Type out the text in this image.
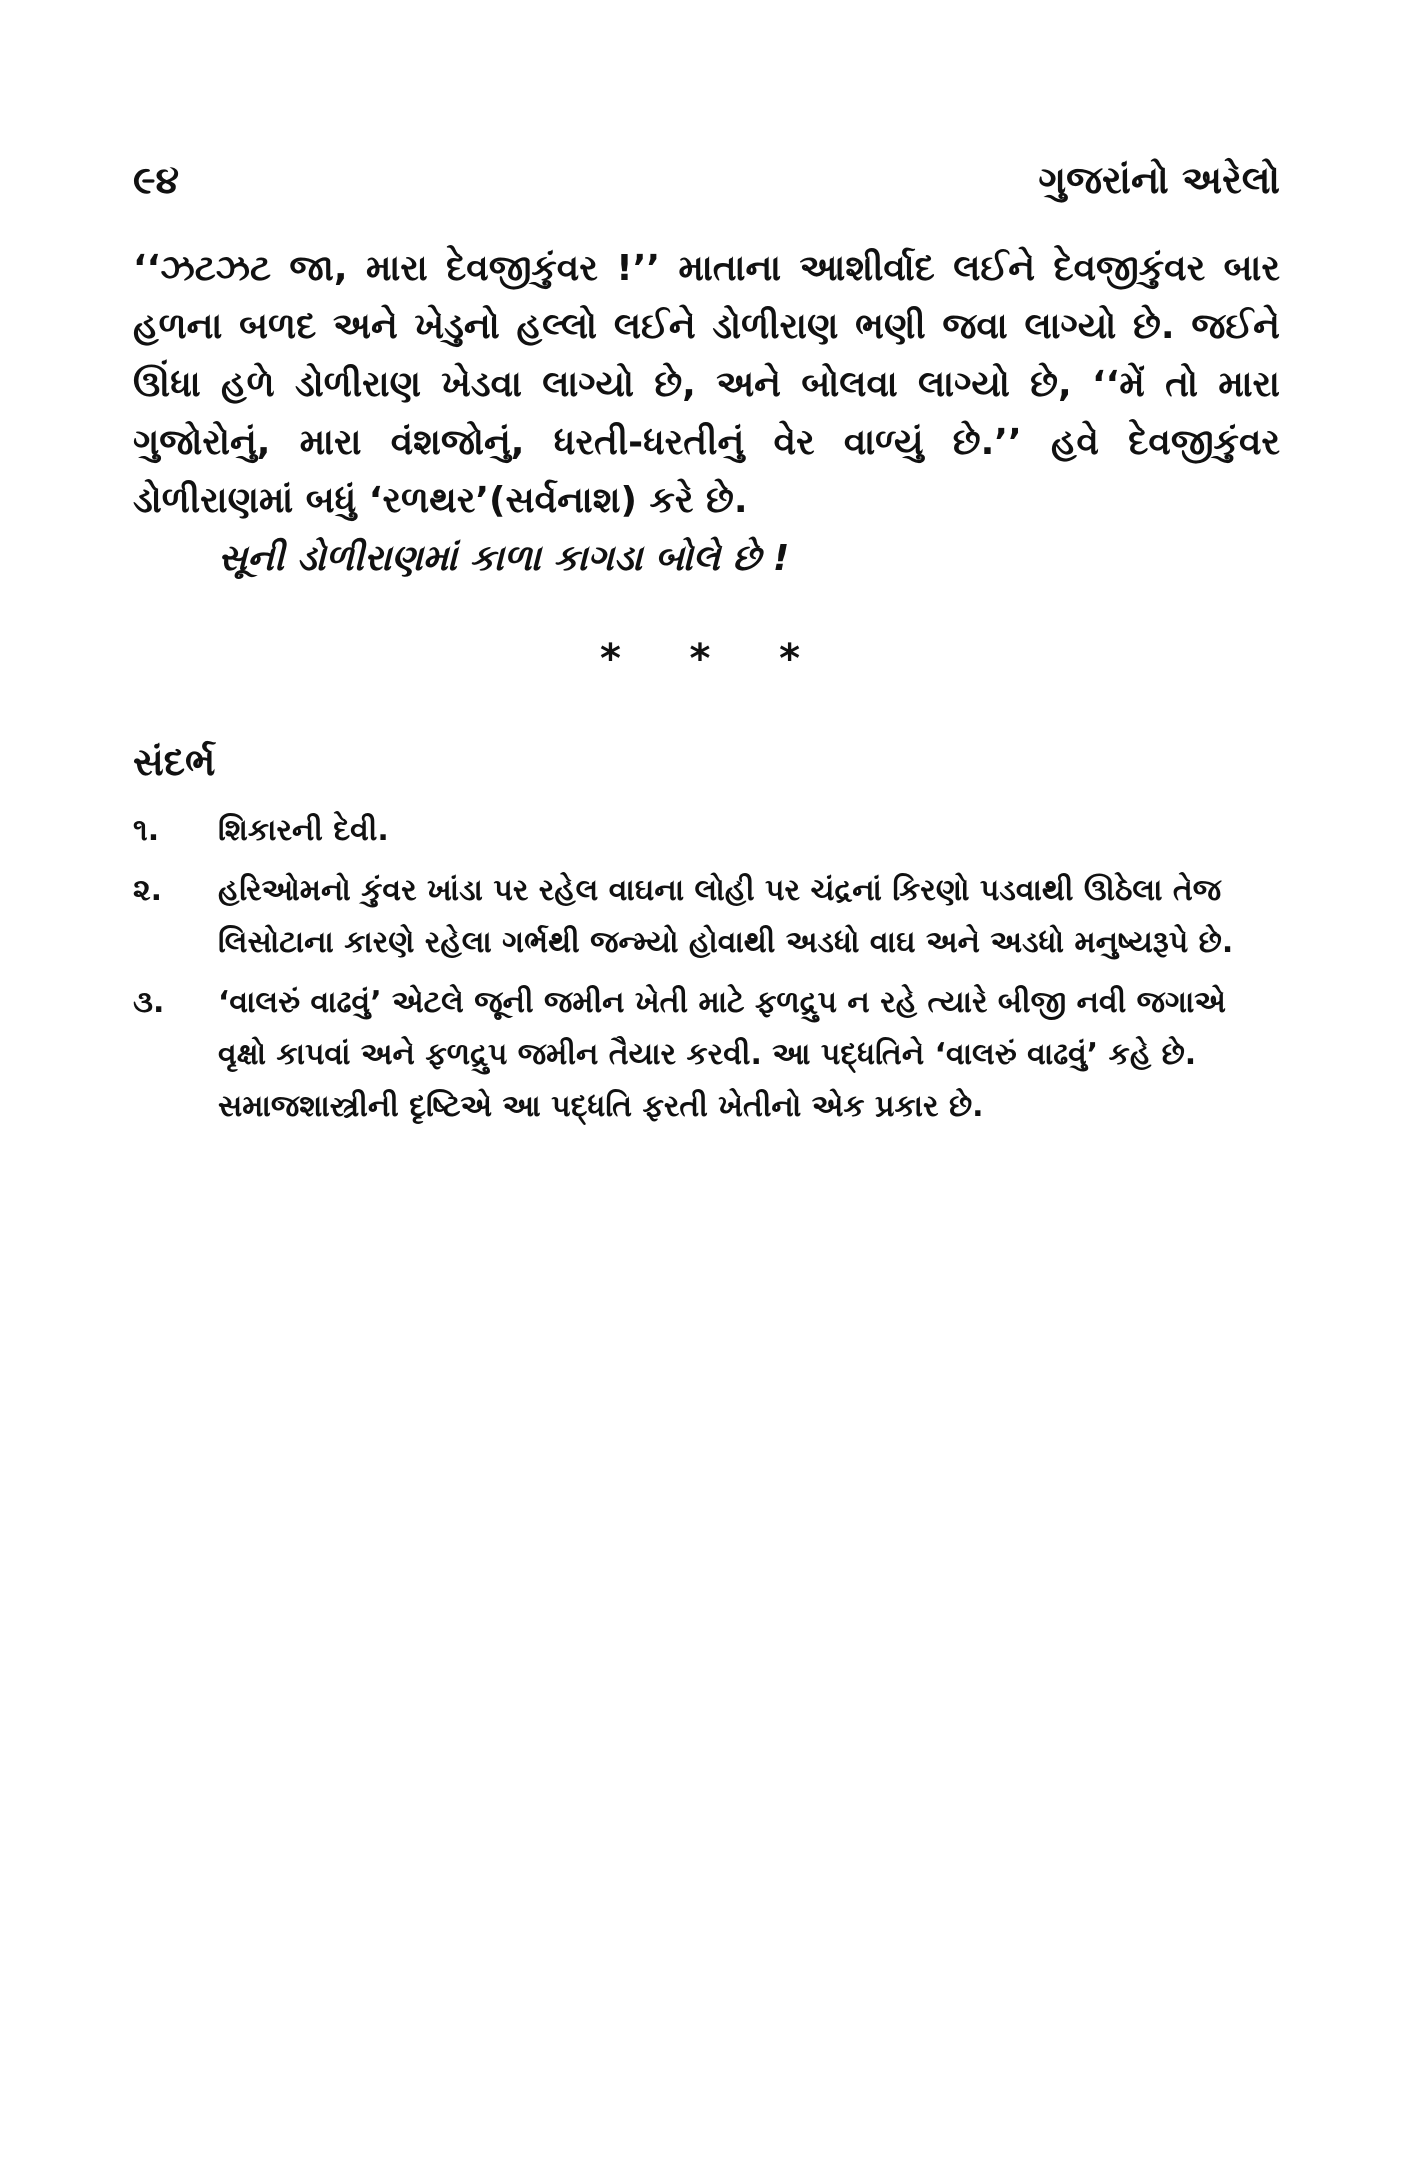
૯૪	ગુજરાંનો અરેલો

‘‘ઝટઝટ જા, મારા દેવજીકુંવર !’’ માતાના આશીર્વાદ લઈને દેવજીકુંવર બાર હળના બળદ અને ખેડુનો હલ્લો લઈને ડોળીરાણ ભણી જવા લાગ્યો છે. જઈને ઊંધા હળે ડોળીરાણ ખેડવા લાગ્યો છે, અને બોલવા લાગ્યો છે, ‘‘મેં તો મારા ગુજોરોનું, મારા વંશજોનું, ધરતી-ધરતીનું વેર વાળ્યું છે.’’ હવે દેવજીકુંવર ડોળીરાણમાં બધું ‘રળથર’(સર્વનાશ) કરે છે.

સૂની ડોળીરાણમાં કાળા કાગડા બોલે છે !
* * *
સંદર્ભ
૧.	શિકારની દેવી.
૨.	હરિઓમનો કુંવર ખાંડા પર રહેલ વાઘના લોહી પર ચંદ્રનાં કિરણો પડવાથી ઊઠેલા તેજ લિસોટાના કારણે રહેલા ગર્ભથી જન્મ્યો હોવાથી અડધો વાઘ અને અડધો મનુષ્યરૂપે છે.
૩.	‘વાલરું વાઢવું’ એટલે જૂની જમીન ખેતી માટે ફળદ્રુપ ન રહે ત્યારે બીજી નવી જગાએ વૃક્ષો કાપવાં અને ફળદ્રુપ જમીન તૈયાર કરવી. આ પદ્ધતિને ‘વાલરું વાઢવું’ કહે છે. સમાજશાસ્ત્રીની દૃષ્ટિએ આ પદ્ધતિ ફરતી ખેતીનો એક પ્રકાર છે.
